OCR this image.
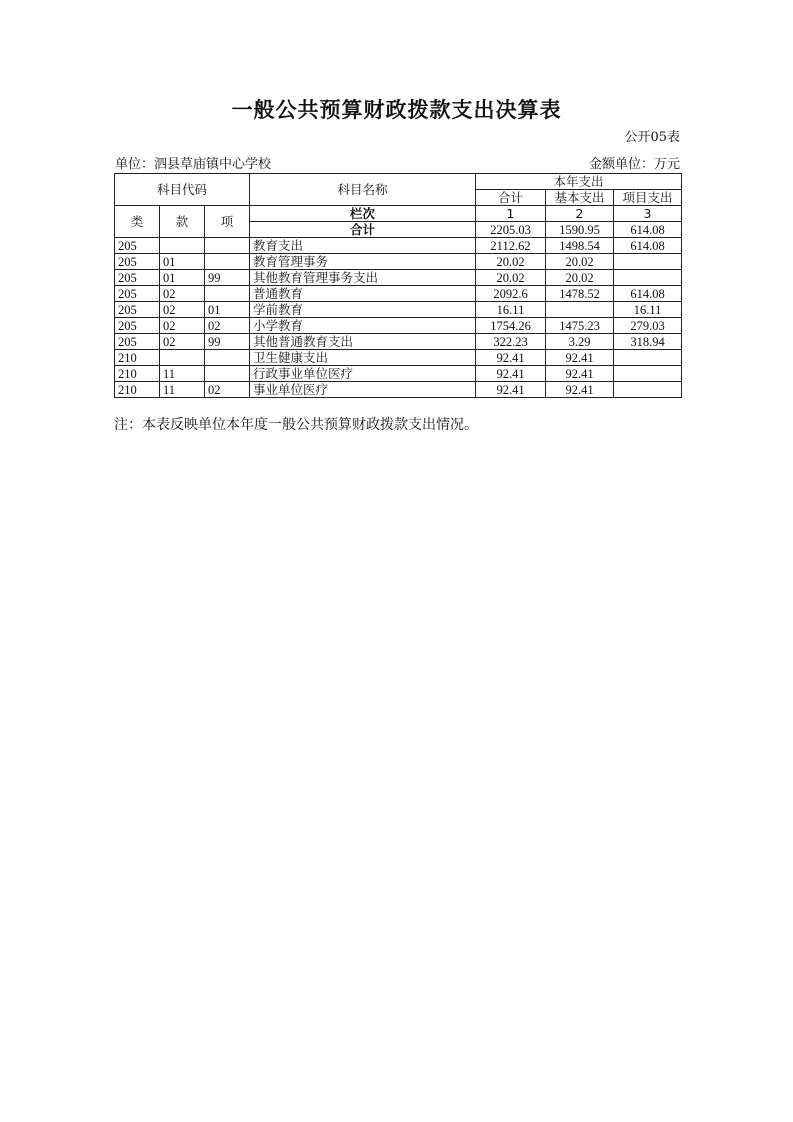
一般公共预算财政拨款支出决算表
公开05表
单位：泗县草庙镇中心学校	金额单位：万元
科目代码			科目名称	本年支出		
				合计	基本支出	项目支出
类	款	项	栏次	1	2	3
			合计	2205.03	1590.95	614.08
205			教育支出	2112.62	1498.54	614.08
205	01		教育管理事务	20.02	20.02	
205	01	99	其他教育管理事务支出	20.02	20.02	
205	02		普通教育	2092.6	1478.52	614.08
205	02	01	学前教育	16.11		16.11
205	02	02	小学教育	1754.26	1475.23	279.03
205	02	99	其他普通教育支出	322.23	3.29	318.94
210			卫生健康支出	92.41	92.41	
210	11		行政事业单位医疗	92.41	92.41	
210	11	02	事业单位医疗	92.41	92.41	
注：本表反映单位本年度一般公共预算财政拨款支出情况。
